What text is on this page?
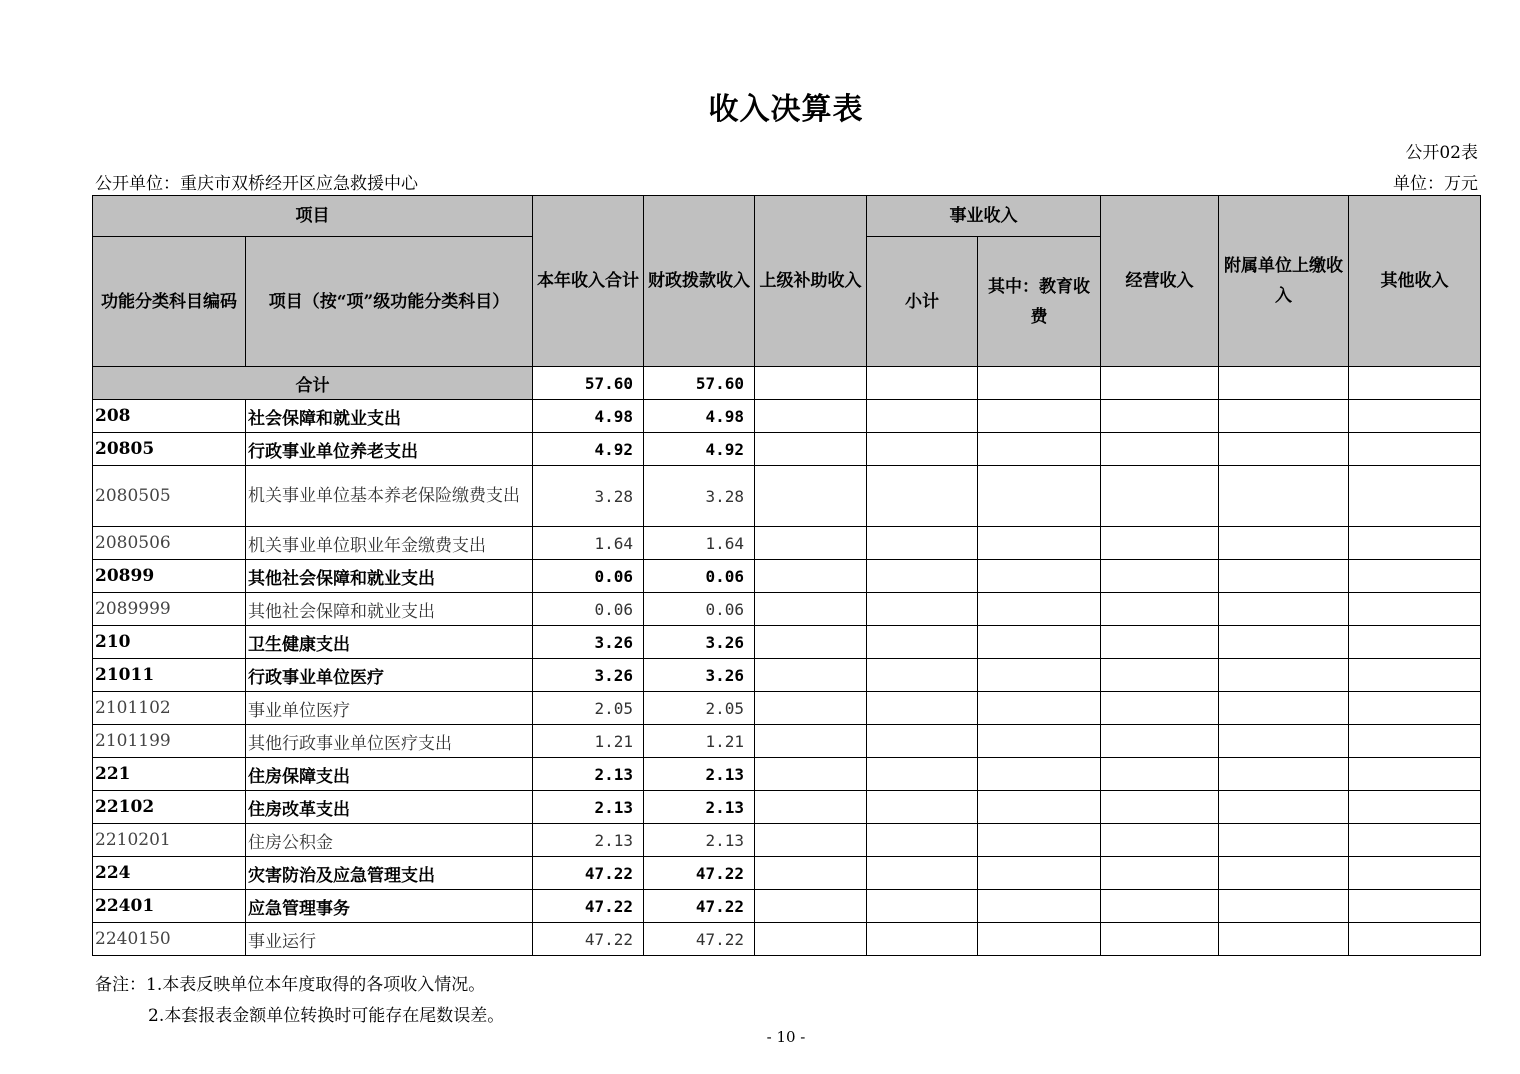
收入决算表
公开02表
公开单位：重庆市双桥经开区应急救援中心	单位：万元
项目		本年收入合计	财政拨款收入	上级补助收入	事业收入		经营收入	附属单位上缴收入	其他收入
功能分类科目编码	项目（按“项”级功能分类科目）				小计	其中：教育收费			
合计		57.60	57.60						
208	社会保障和就业支出	4.98	4.98						
20805	行政事业单位养老支出	4.92	4.92						
2080505	机关事业单位基本养老保险缴费支出	3.28	3.28						
2080506	机关事业单位职业年金缴费支出	1.64	1.64						
20899	其他社会保障和就业支出	0.06	0.06						
2089999	其他社会保障和就业支出	0.06	0.06						
210	卫生健康支出	3.26	3.26						
21011	行政事业单位医疗	3.26	3.26						
2101102	事业单位医疗	2.05	2.05						
2101199	其他行政事业单位医疗支出	1.21	1.21						
221	住房保障支出	2.13	2.13						
22102	住房改革支出	2.13	2.13						
2210201	住房公积金	2.13	2.13						
224	灾害防治及应急管理支出	47.22	47.22						
22401	应急管理事务	47.22	47.22						
2240150	事业运行	47.22	47.22						
备注：1.本表反映单位本年度取得的各项收入情况。
2.本套报表金额单位转换时可能存在尾数误差。
- 10 -
